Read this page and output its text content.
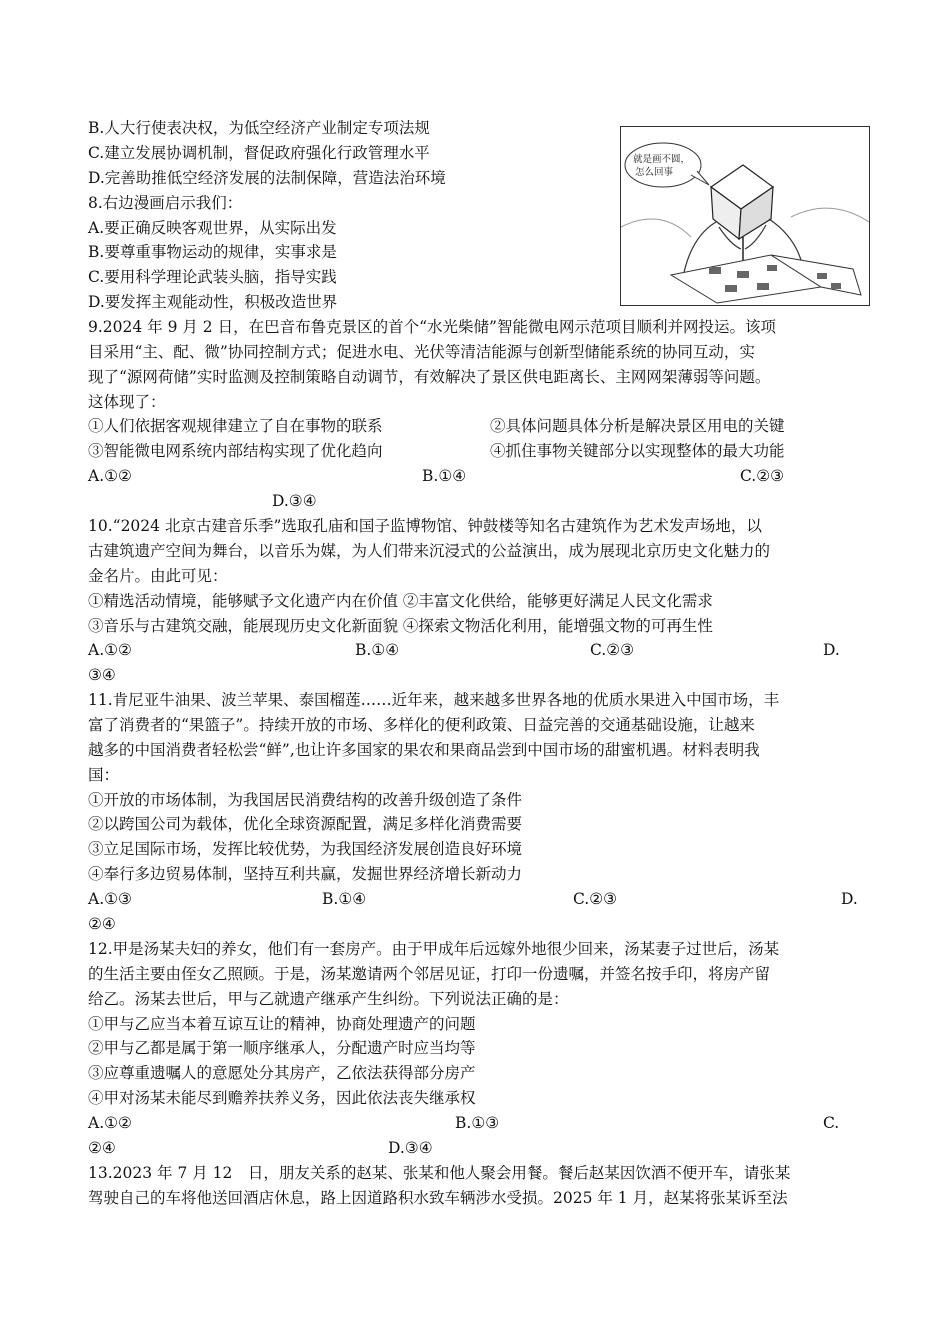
B.人大行使表决权，为低空经济产业制定专项法规
C.建立发展协调机制，督促政府强化行政管理水平
D.完善助推低空经济发展的法制保障，营造法治环境
8.右边漫画启示我们：
A.要正确反映客观世界，从实际出发
B.要尊重事物运动的规律，实事求是
C.要用科学理论武装头脑，指导实践
D.要发挥主观能动性，积极改造世界
就是画不圆，
怎么回事
9.2024 年 9 月 2 日，在巴音布鲁克景区的首个“水光柴储”智能微电网示范项目顺利并网投运。该项
目采用“主、配、微”协同控制方式；促进水电、光伏等清洁能源与创新型储能系统的协同互动，实
现了“源网荷储”实时监测及控制策略自动调节，有效解决了景区供电距离长、主网网架薄弱等问题。
这体现了：
①人们依据客观规律建立了自在事物的联系	②具体问题具体分析是解决景区用电的关键
③智能微电网系统内部结构实现了优化趋向	④抓住事物关键部分以实现整体的最大功能
A.①②	B.①④	C.②③
D.③④
10.“2024 北京古建音乐季”选取孔庙和国子监博物馆、钟鼓楼等知名古建筑作为艺术发声场地，以
古建筑遗产空间为舞台，以音乐为媒，为人们带来沉浸式的公益演出，成为展现北京历史文化魅力的
金名片。由此可见：
①精选活动情境，能够赋予文化遗产内在价值 ②丰富文化供给，能够更好满足人民文化需求
③音乐与古建筑交融，能展现历史文化新面貌 ④探索文物活化利用，能增强文物的可再生性
A.①②	B.①④	C.②③	D.
③④
11.肯尼亚牛油果、波兰苹果、泰国榴莲……近年来，越来越多世界各地的优质水果进入中国市场，丰
富了消费者的“果篮子”。持续开放的市场、多样化的便利政策、日益完善的交通基础设施，让越来
越多的中国消费者轻松尝“鲜”,也让许多国家的果农和果商品尝到中国市场的甜蜜机遇。材料表明我
国：
①开放的市场体制，为我国居民消费结构的改善升级创造了条件
②以跨国公司为载体，优化全球资源配置，满足多样化消费需要
③立足国际市场，发挥比较优势，为我国经济发展创造良好环境
④奉行多边贸易体制，坚持互利共赢，发掘世界经济增长新动力
A.①③	B.①④	C.②③	D.
②④
12.甲是汤某夫妇的养女，他们有一套房产。由于甲成年后远嫁外地很少回来，汤某妻子过世后，汤某
的生活主要由侄女乙照顾。于是，汤某邀请两个邻居见证，打印一份遗嘱，并签名按手印，将房产留
给乙。汤某去世后，甲与乙就遗产继承产生纠纷。下列说法正确的是：
①甲与乙应当本着互谅互让的精神，协商处理遗产的问题
②甲与乙都是属于第一顺序继承人，分配遗产时应当均等
③应尊重遗嘱人的意愿处分其房产，乙依法获得部分房产
④甲对汤某未能尽到赡养扶养义务，因此依法丧失继承权
A.①②	B.①③	C.
②④	D.③④
13.2023 年 7 月 12　日，朋友关系的赵某、张某和他人聚会用餐。餐后赵某因饮酒不便开车，请张某
驾驶自己的车将他送回酒店休息，路上因道路积水致车辆涉水受损。2025 年 1 月，赵某将张某诉至法
